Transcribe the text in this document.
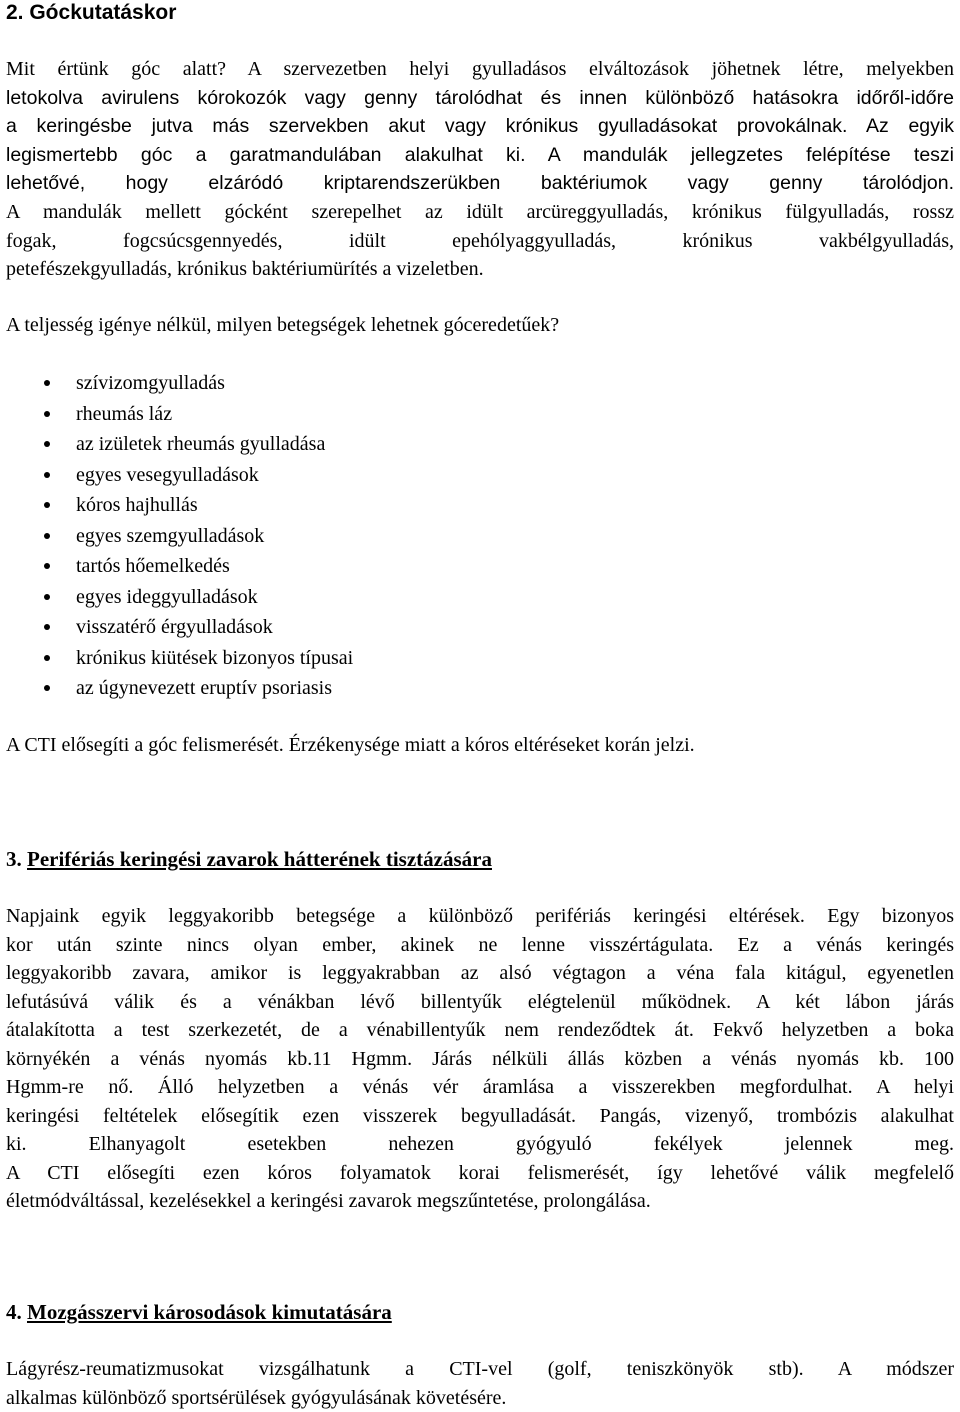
2. Góckutatáskor

Mit értünk góc alatt? A szervezetben helyi gyulladásos elváltozások jöhetnek létre, melyekben
letokolva avirulens kórokozók vagy genny tárolódhat és innen különböző hatásokra időről-időre
a keringésbe jutva más szervekben akut vagy krónikus gyulladásokat provokálnak. Az egyik
legismertebb góc a garatmandulában alakulhat ki. A mandulák jellegzetes felépítése teszi
lehetővé, hogy elzáródó kriptarendszerükben baktériumok vagy genny tárolódjon.

A mandulák mellett gócként szerepelhet az idült arcüreggyulladás, krónikus fülgyulladás, rossz
fogak, fogcsúcsgennyedés, idült epehólyaggyulladás, krónikus vakbélgyulladás,
petefészekgyulladás, krónikus baktériumürítés a vizeletben.

A teljesség igénye nélkül, milyen betegségek lehetnek góceredetűek?

szívizomgyulladás
rheumás láz
az izületek rheumás gyulladása
egyes vesegyulladások
kóros hajhullás
egyes szemgyulladások
tartós hőemelkedés
egyes ideggyulladások
visszatérő érgyulladások
krónikus kiütések bizonyos típusai
az úgynevezett eruptív psoriasis

A CTI elősegíti a góc felismerését. Érzékenysége miatt a kóros eltéréseket korán jelzi.

3. Perifériás keringési zavarok hátterének tisztázására

Napjaink egyik leggyakoribb betegsége a különböző perifériás keringési eltérések. Egy bizonyos
kor után szinte nincs olyan ember, akinek ne lenne visszértágulata. Ez a vénás keringés
leggyakoribb zavara, amikor is leggyakrabban az alsó végtagon a véna fala kitágul, egyenetlen
lefutásúvá válik és a vénákban lévő billentyűk elégtelenül működnek. A két lábon járás
átalakította a test szerkezetét, de a vénabillentyűk nem rendeződtek át. Fekvő helyzetben a boka
környékén a vénás nyomás kb.11 Hgmm. Járás nélküli állás közben a vénás nyomás kb. 100
Hgmm-re nő. Álló helyzetben a vénás vér áramlása a visszerekben megfordulhat. A helyi
keringési feltételek elősegítik ezen visszerek begyulladását. Pangás, vizenyő, trombózis alakulhat
ki. Elhanyagolt esetekben nehezen gyógyuló fekélyek jelennek meg.
A CTI elősegíti ezen kóros folyamatok korai felismerését, így lehetővé válik megfelelő
életmódváltással, kezelésekkel a keringési zavarok megszűntetése, prolongálása.

4. Mozgásszervi károsodások kimutatására

Lágyrész-reumatizmusokat vizsgálhatunk a CTI-vel (golf, teniszkönyök stb). A módszer
alkalmas különböző sportsérülések gyógyulásának követésére.
